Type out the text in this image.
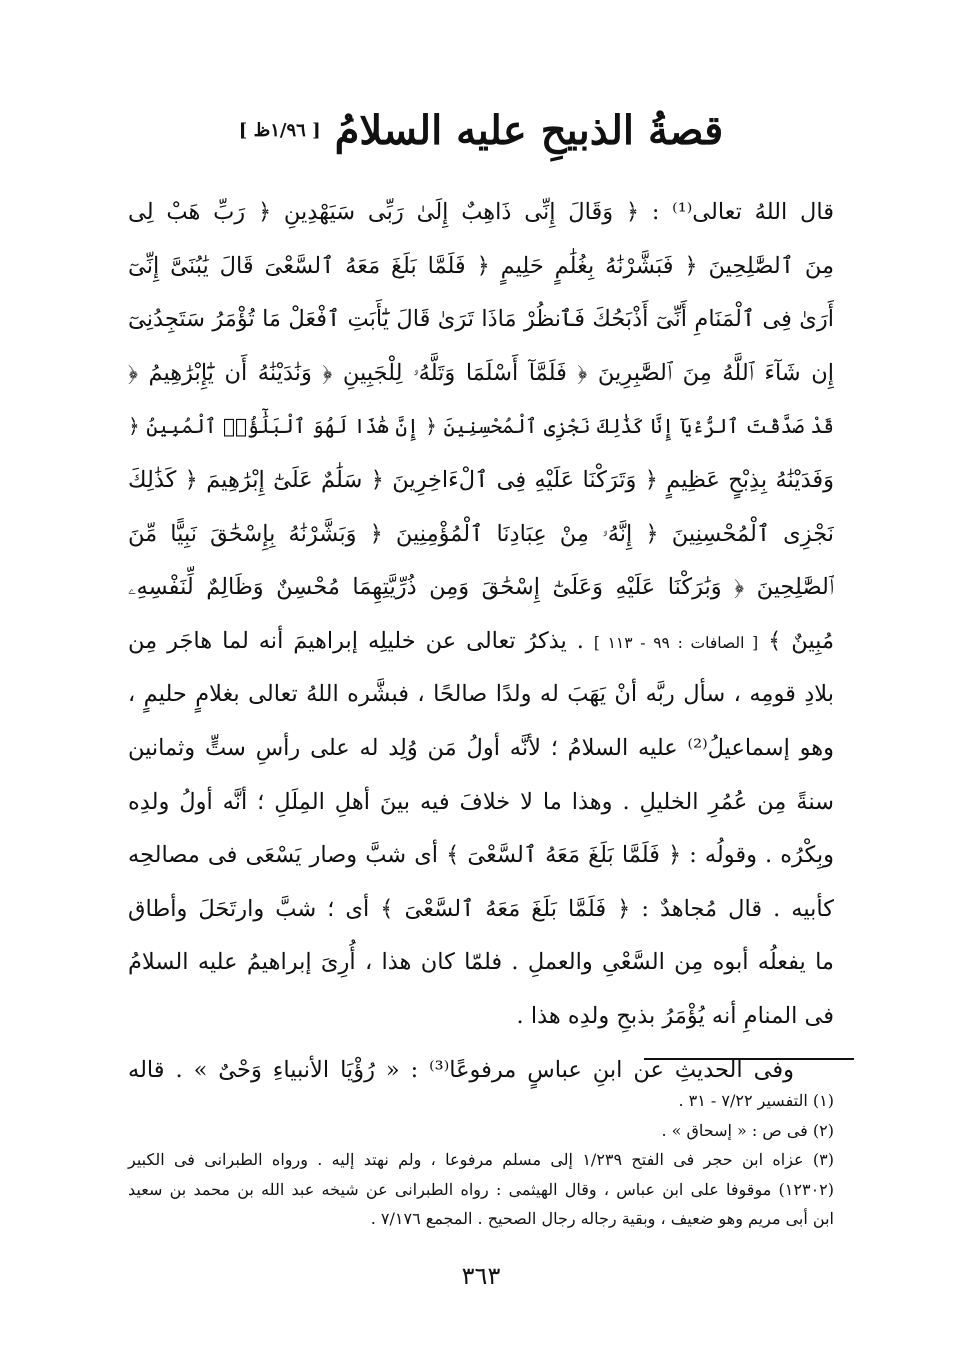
قصةُ الذبيحِ عليه السلامُ
[ ١/٩٦ظ ]
قال اللهُ تعالى⁽¹⁾ : ﴿ وَقَالَ إِنِّى ذَاهِبٌ إِلَىٰ رَبِّى سَيَهْدِينِ ﴿ رَبِّ هَبْ لِى
مِنَ ٱلصَّٰلِحِينَ ﴿ فَبَشَّرْنَٰهُ بِغُلَٰمٍ حَلِيمٍ ﴿ فَلَمَّا بَلَغَ مَعَهُ ٱلسَّعْىَ قَالَ يَٰبُنَىَّ إِنِّىٓ
أَرَىٰ فِى ٱلْمَنَامِ أَنِّىٓ أَذْبَحُكَ فَٱنظُرْ مَاذَا تَرَىٰ قَالَ يَٰٓأَبَتِ ٱفْعَلْ مَا تُؤْمَرُ سَتَجِدُنِىٓ
إِن شَآءَ ٱللَّهُ مِنَ ٱلصَّٰبِرِينَ ﴿ فَلَمَّآ أَسْلَمَا وَتَلَّهُۥ لِلْجَبِينِ ﴿ وَنَٰدَيْنَٰهُ أَن يَٰٓإِبْرَٰهِيمُ ﴿
قَدْ صَدَّقْتَ ٱلرُّءْيَآ إِنَّا كَذَٰلِكَ نَجْزِى ٱلْمُحْسِنِينَ ﴿ إِنَّ هَٰذَا لَهُوَ ٱلْبَلَٰٓؤُا۟ ٱلْمُبِينُ ﴿
وَفَدَيْنَٰهُ بِذِبْحٍ عَظِيمٍ ﴿ وَتَرَكْنَا عَلَيْهِ فِى ٱلْءَاخِرِينَ ﴿ سَلَٰمٌ عَلَىٰٓ إِبْرَٰهِيمَ ﴿ كَذَٰلِكَ
نَجْزِى ٱلْمُحْسِنِينَ ﴿ إِنَّهُۥ مِنْ عِبَادِنَا ٱلْمُؤْمِنِينَ ﴿ وَبَشَّرْنَٰهُ بِإِسْحَٰقَ نَبِيًّا مِّنَ
ٱلصَّٰلِحِينَ ﴿ وَبَٰرَكْنَا عَلَيْهِ وَعَلَىٰٓ إِسْحَٰقَ وَمِن ذُرِّيَّتِهِمَا مُحْسِنٌ وَظَالِمٌ لِّنَفْسِهِۦ
مُبِينٌ ﴾ [ الصافات : ٩٩ - ١١٣ ] . يذكرُ تعالى عن خليلِه إبراهيمَ أنه لما هاجَر مِن
بلادِ قومِه ، سأل ربَّه أنْ يَهَبَ له ولدًا صالحًا ، فبشَّره اللهُ تعالى بغلامٍ حليمٍ ،
وهو إسماعيلُ⁽²⁾ عليه السلامُ ؛ لأنَّه أولُ مَن وُلِد له على رأسِ ستٍّ وثمانين
سنةً مِن عُمُرِ الخليلِ . وهذا ما لا خلافَ فيه بينَ أهلِ المِلَلِ ؛ أنَّه أولُ ولدِه
وبِكْرُه . وقولُه : ﴿ فَلَمَّا بَلَغَ مَعَهُ ٱلسَّعْىَ ﴾ أى شبَّ وصار يَسْعَى فى مصالحِه
كأبيه . قال مُجاهدٌ : ﴿ فَلَمَّا بَلَغَ مَعَهُ ٱلسَّعْىَ ﴾ أى ؛ شبَّ وارتَحَلَ وأطاق
ما يفعلُه أبوه مِن السَّعْىِ والعملِ . فلمّا كان هذا ، أُرِىَ إبراهيمُ عليه السلامُ
فى المنامِ أنه يُؤْمَرُ بذبحِ ولدِه هذا .
وفى الحديثِ عن ابنِ عباسٍ مرفوعًا⁽³⁾ : « رُؤْيَا الأنبياءِ وَحْىٌ » . قاله
(١) التفسير ٧/٢٢ - ٣١ .
(٢) فى ص : « إسحاق » .
(٣) عزاه ابن حجر فى الفتح ١/٢٣٩ إلى مسلم مرفوعا ، ولم نهتد إليه . ورواه الطبرانى فى الكبير
(١٢٣٠٢) موقوفا على ابن عباس ، وقال الهيثمى : رواه الطبرانى عن شيخه عبد الله بن محمد بن سعيد
ابن أبى مريم وهو ضعيف ، وبقية رجاله رجال الصحيح . المجمع ٧/١٧٦ .
٣٦٣
